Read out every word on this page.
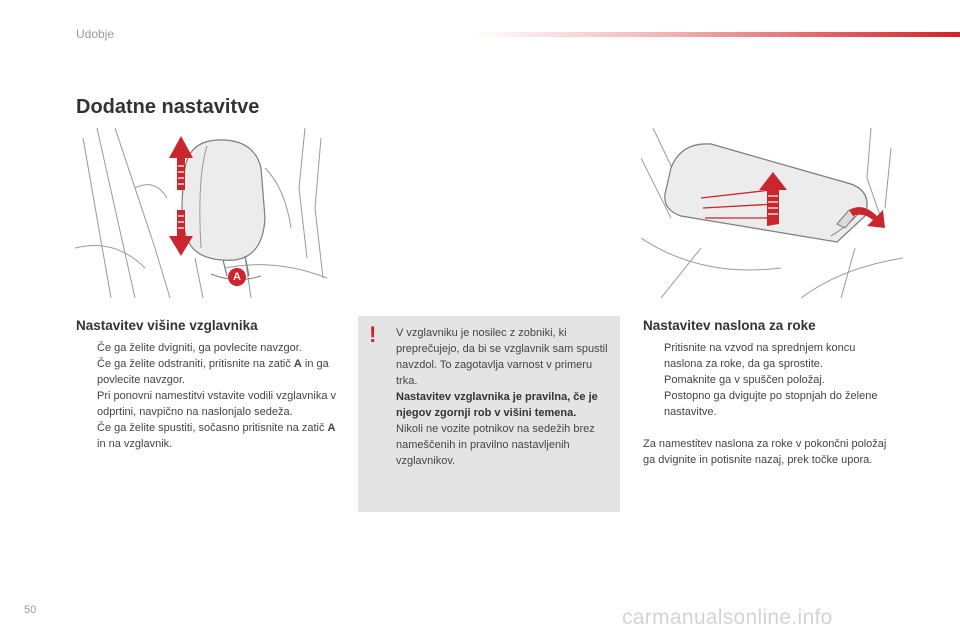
Udobje
Dodatne nastavitve
A
Nastavitev višine vzglavnika
Če ga želite dvigniti, ga povlecite navzgor.
Če ga želite odstraniti, pritisnite na zatič A in ga povlecite navzgor.
Pri ponovni namestitvi vstavite vodili vzglavnika v odprtini, navpično na naslonjalo sedeža.
Če ga želite spustiti, sočasno pritisnite na zatič A in na vzglavnik.
! V vzglavniku je nosilec z zobniki, ki preprečujejo, da bi se vzglavnik sam spustil navzdol. To zagotavlja varnost v primeru trka.
Nastavitev vzglavnika je pravilna, če je njegov zgornji rob v višini temena.
Nikoli ne vozite potnikov na sedežih brez nameščenih in pravilno nastavljenih vzglavnikov.
Nastavitev naslona za roke
Pritisnite na vzvod na sprednjem koncu naslona za roke, da ga sprostite.
Pomaknite ga v spuščen položaj.
Postopno ga dvigujte po stopnjah do želene nastavitve.
Za namestitev naslona za roke v pokončni položaj ga dvignite in potisnite nazaj, prek točke upora.
50	carmanualsonline.info
